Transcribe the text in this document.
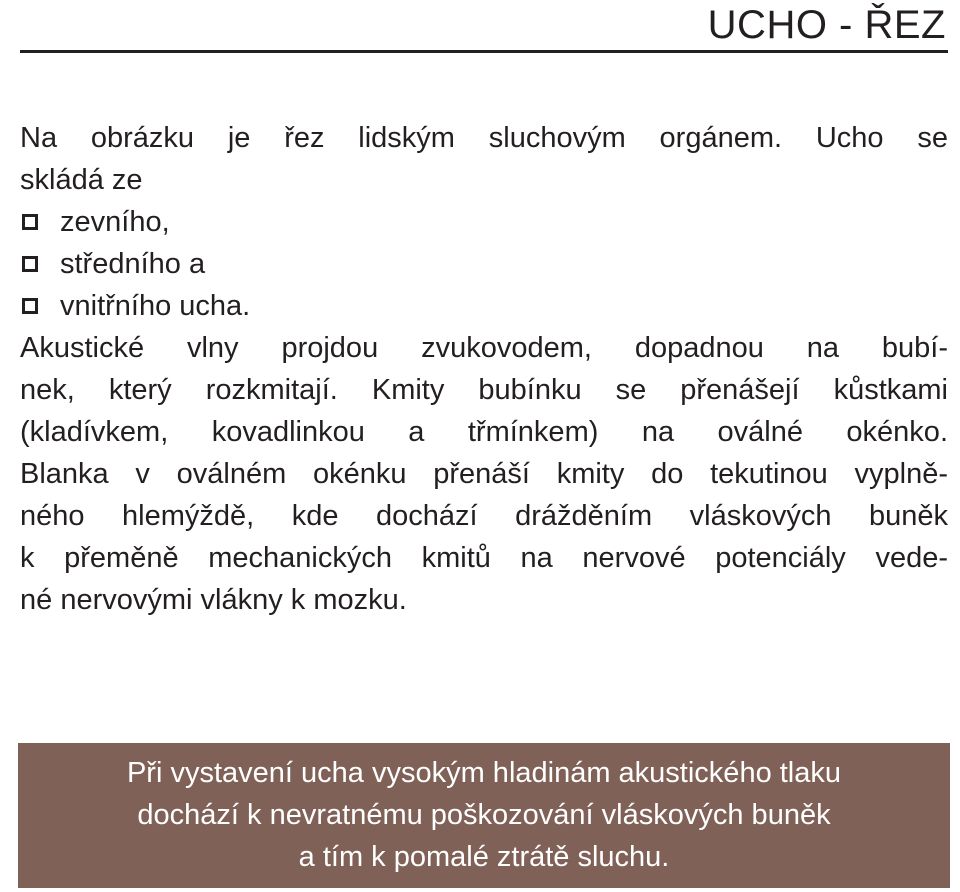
UCHO - ŘEZ
Na obrázku je řez lidským sluchovým orgánem. Ucho se
skládá ze
zevního,
středního a
vnitřního ucha.
Akustické vlny projdou zvukovodem, dopadnou na bubí-
nek, který rozkmitají. Kmity bubínku se přenášejí kůstkami
(kladívkem, kovadlinkou a třmínkem) na oválné okénko.
Blanka v oválném okénku přenáší kmity do tekutinou vyplně-
ného hlemýždě, kde dochází drážděním vláskových buněk
k přeměně mechanických kmitů na nervové potenciály vede-
né nervovými vlákny k mozku.
Při vystavení ucha vysokým hladinám akustického tlaku
dochází k nevratnému poškozování vláskových buněk
a tím k pomalé ztrátě sluchu.
